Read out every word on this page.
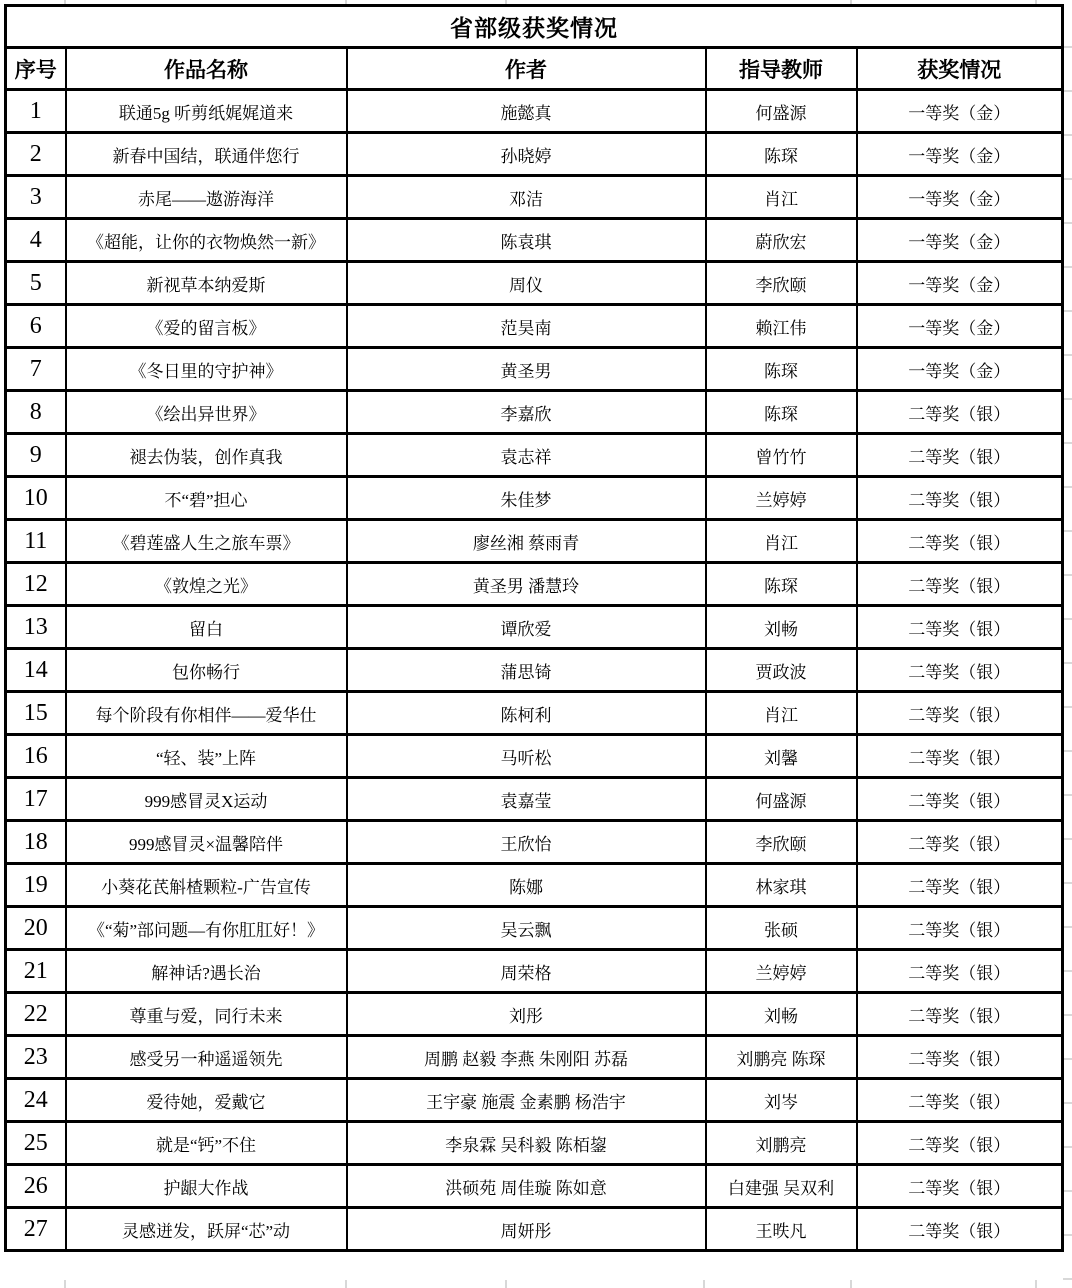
省部级获奖情况				
序号	作品名称	作者	指导教师	获奖情况
1	联通5g 听剪纸娓娓道来	施懿真	何盛源	一等奖（金）
2	新春中国结，联通伴您行	孙晓婷	陈琛	一等奖（金）
3	赤尾——遨游海洋	邓洁	肖江	一等奖（金）
4	《超能，让你的衣物焕然一新》	陈袁琪	蔚欣宏	一等奖（金）
5	新视草本纳爱斯	周仪	李欣颐	一等奖（金）
6	《爱的留言板》	范昊南	赖江伟	一等奖（金）
7	《冬日里的守护神》	黄圣男	陈琛	一等奖（金）
8	《绘出异世界》	李嘉欣	陈琛	二等奖（银）
9	褪去伪装，创作真我	袁志祥	曾竹竹	二等奖（银）
10	不“碧”担心	朱佳梦	兰婷婷	二等奖（银）
11	《碧莲盛人生之旅车票》	廖丝湘 蔡雨青	肖江	二等奖（银）
12	《敦煌之光》	黄圣男 潘慧玲	陈琛	二等奖（银）
13	留白	谭欣爱	刘畅	二等奖（银）
14	包你畅行	蒲思锜	贾政波	二等奖（银）
15	每个阶段有你相伴——爱华仕	陈柯利	肖江	二等奖（银）
16	“轻、装”上阵	马听松	刘馨	二等奖（银）
17	999感冒灵X运动	袁嘉莹	何盛源	二等奖（银）
18	999感冒灵×温馨陪伴	王欣怡	李欣颐	二等奖（银）
19	小葵花芪斛楂颗粒-广告宣传	陈娜	林家琪	二等奖（银）
20	《“菊”部问题—有你肛肛好！》	吴云飘	张硕	二等奖（银）
21	解神话?遇长治	周荣格	兰婷婷	二等奖（银）
22	尊重与爱，同行未来	刘彤	刘畅	二等奖（银）
23	感受另一种遥遥领先	周鹏 赵毅 李燕 朱刚阳 苏磊	刘鹏亮 陈琛	二等奖（银）
24	爱待她，爱戴它	王宇豪 施震 金素鹏 杨浩宇	刘岑	二等奖（银）
25	就是“钙”不住	李泉霖 吴科毅 陈栢鋆	刘鹏亮	二等奖（银）
26	护龈大作战	洪硕苑 周佳璇 陈如意	白建强 吴双利	二等奖（银）
27	灵感迸发，跃屏“芯”动	周妍彤	王昳凡	二等奖（银）
